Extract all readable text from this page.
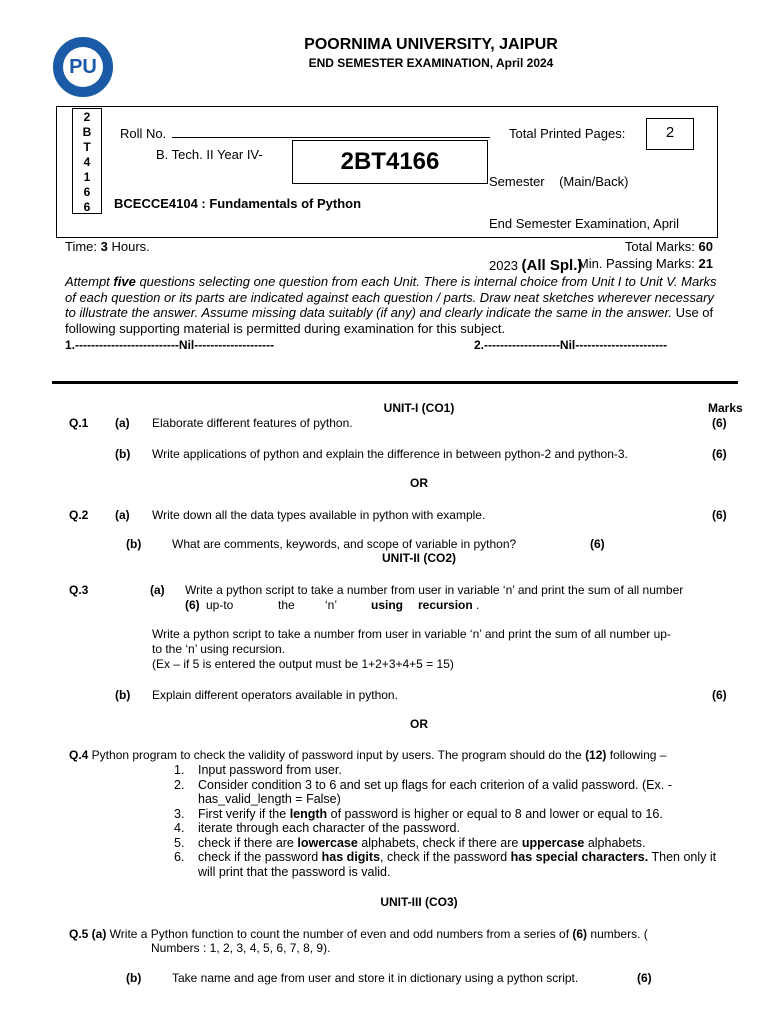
PU
POORNIMA UNIVERSITY, JAIPUR
END SEMESTER EXAMINATION, April 2024
2
B
T
4
1
6
6
Roll No.	Total Printed Pages:	2
B. Tech. II Year IV-	2BT4166

Semester    (Main/Back)

End Semester Examination, April

2023 (All Spl.)

BCECCE4104 : Fundamentals of Python
Time: 3 Hours.	Total Marks: 60
Min. Passing Marks: 21
Attempt five questions selecting one question from each Unit. There is internal choice from Unit I to Unit V. Marks of each question or its parts are indicated against each question / parts. Draw neat sketches wherever necessary to illustrate the answer. Assume missing data suitably (if any) and clearly indicate the same in the answer. Use of following supporting material is permitted during examination for this subject.
1.--------------------------Nil--------------------	2.-------------------Nil-----------------------
UNIT-I (CO1)	Marks
Q.1 (a) Elaborate different features of python.	(6)
(b) Write applications of python and explain the difference in between python-2 and python-3.	(6)
OR
Q.2 (a) Write down all the data types available in python with example.	(6)
(b)	What are comments, keywords, and scope of variable in python?	(6)
UNIT-II (CO2)
Q.3	(a) Write a python script to take a number from user in variable ‘n’ and print the sum of all number
(6) up-to	the	‘n’	using recursion .
Write a python script to take a number from user in variable ‘n’ and print the sum of all number up-
to the ‘n’ using recursion.
(Ex – if 5 is entered the output must be 1+2+3+4+5 = 15)
(b) Explain different operators available in python.	(6)
OR
Q.4 Python program to check the validity of password input by users. The program should do the (12) following –
1.	Input password from user.
2.	Consider condition 3 to 6 and set up flags for each criterion of a valid password. (Ex. -
has_valid_length = False)
3.	First verify if the length of password is higher or equal to 8 and lower or equal to 16.
4.	iterate through each character of the password.
5.	check if there are lowercase alphabets, check if there are uppercase alphabets.
6.	check if the password has digits, check if the password has special characters. Then only it
will print that the password is valid.
UNIT-III (CO3)
Q.5 (a) Write a Python function to count the number of even and odd numbers from a series of (6) numbers. (
Numbers : 1, 2, 3, 4, 5, 6, 7, 8, 9).
(b)	Take name and age from user and store it in dictionary using a python script.	(6)
